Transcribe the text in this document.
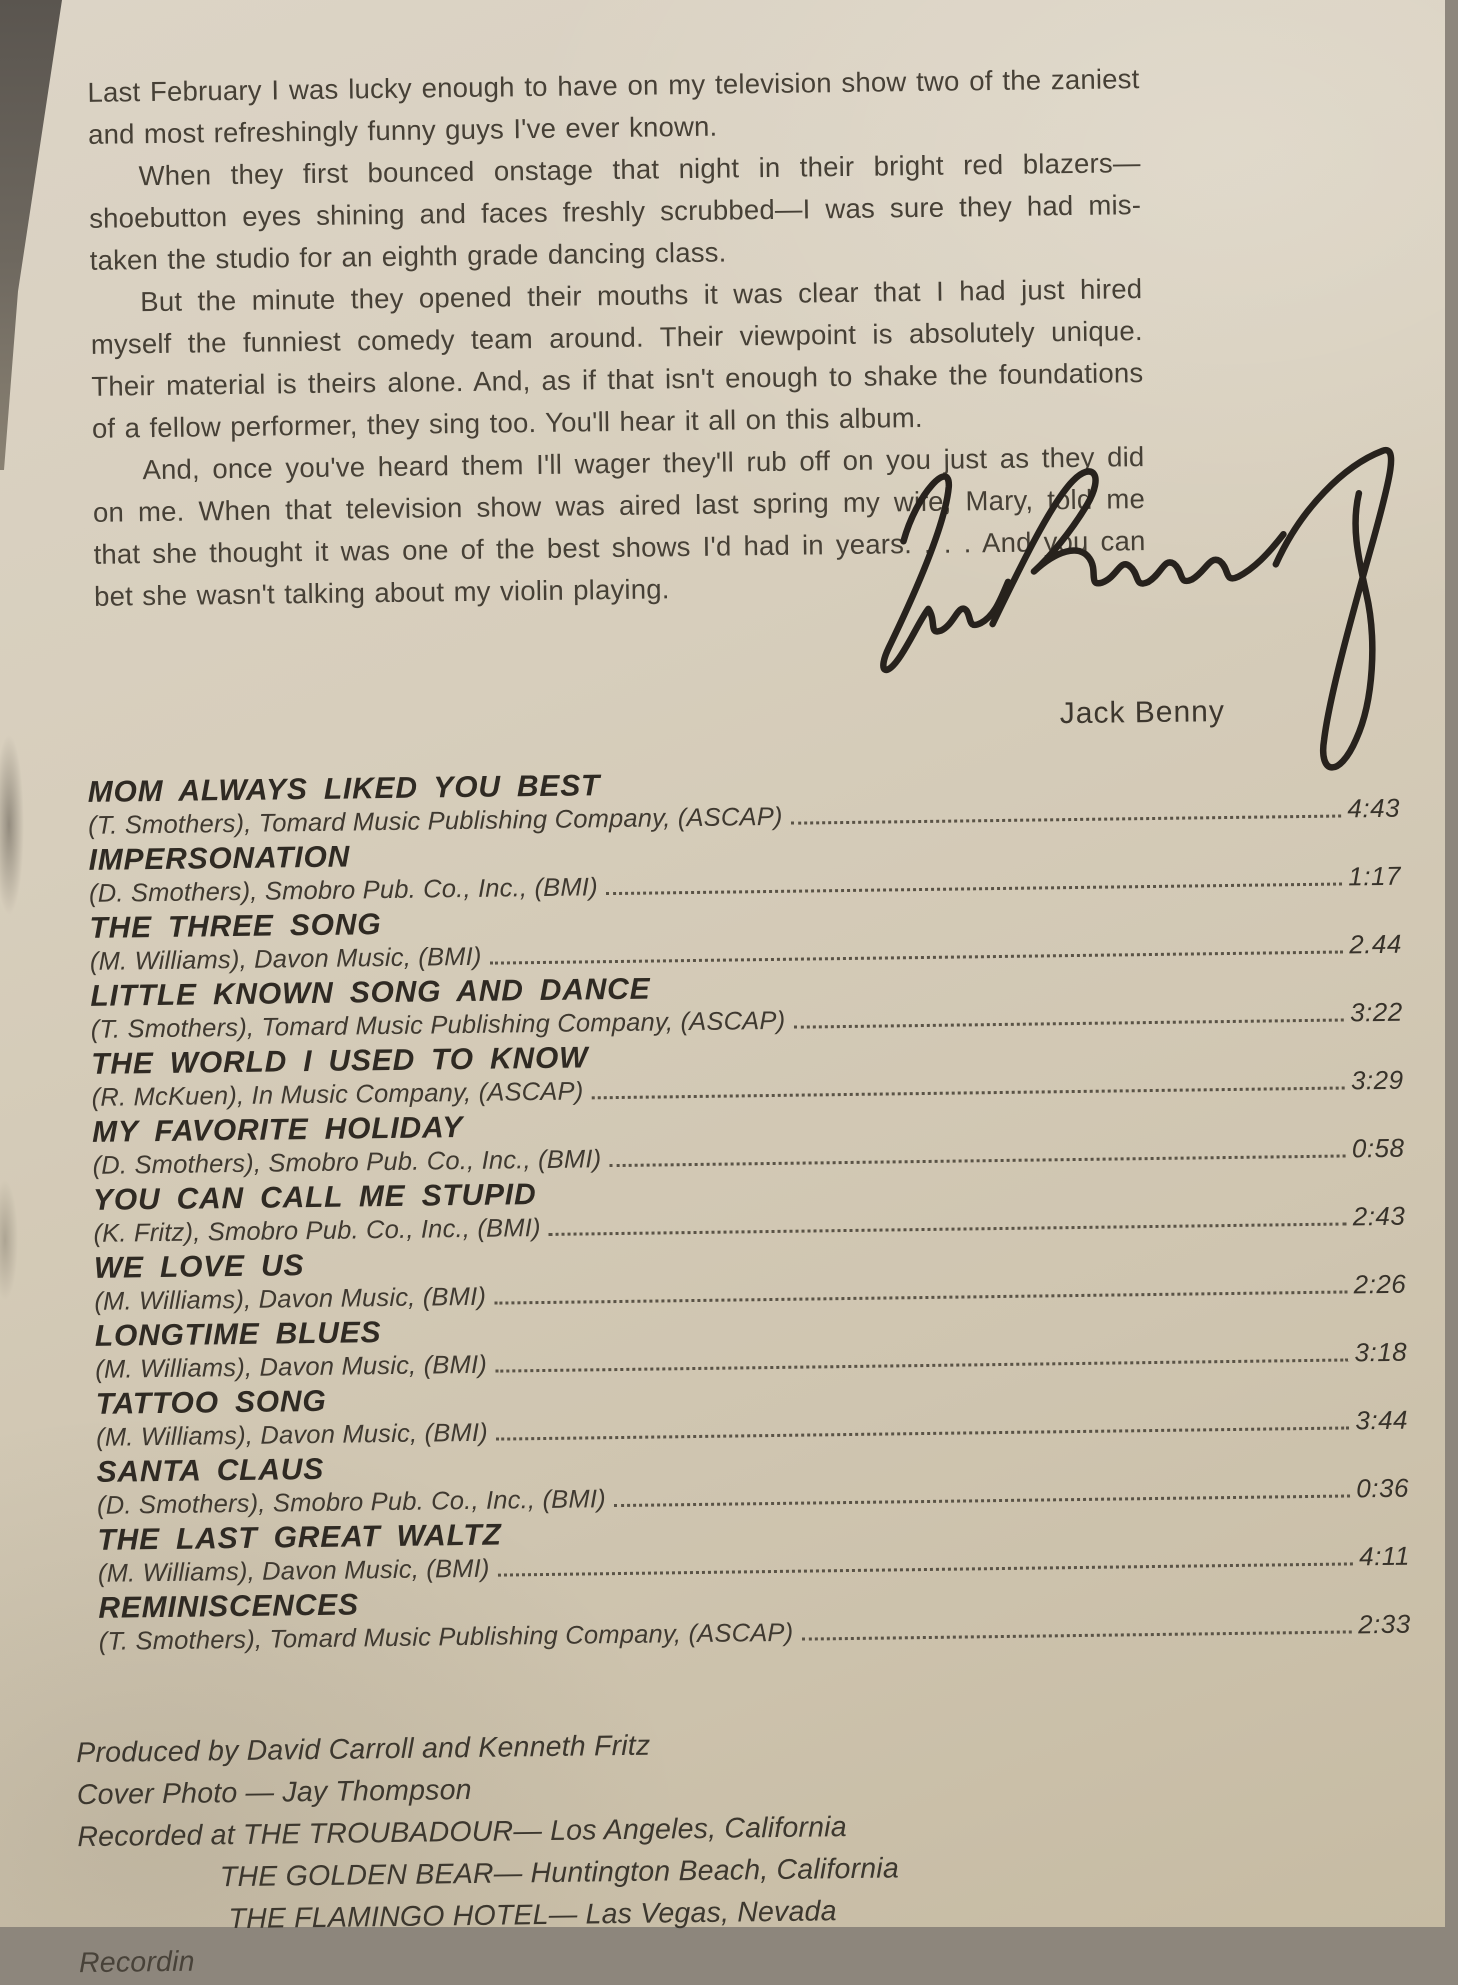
Last February I was lucky enough to have on my television show two of the zaniest
and most refreshingly funny guys I've ever known.
When they first bounced onstage that night in their bright red blazers—
shoebutton eyes shining and faces freshly scrubbed—I was sure they had mis-
taken the studio for an eighth grade dancing class.
But the minute they opened their mouths it was clear that I had just hired
myself the funniest comedy team around. Their viewpoint is absolutely unique.
Their material is theirs alone. And, as if that isn't enough to shake the foundations
of a fellow performer, they sing too. You'll hear it all on this album.
And, once you've heard them I'll wager they'll rub off on you just as they did
on me. When that television show was aired last spring my wife, Mary, told me
that she thought it was one of the best shows I'd had in years. . . . And you can
bet she wasn't talking about my violin playing.
Jack Benny
MOM ALWAYS LIKED YOU BEST
(T. Smothers), Tomard Music Publishing Company, (ASCAP)	4:43
IMPERSONATION
(D. Smothers), Smobro Pub. Co., Inc., (BMI)	1:17
THE THREE SONG
(M. Williams), Davon Music, (BMI)	2.44
LITTLE KNOWN SONG AND DANCE
(T. Smothers), Tomard Music Publishing Company, (ASCAP)	3:22
THE WORLD I USED TO KNOW
(R. McKuen), In Music Company, (ASCAP)	3:29
MY FAVORITE HOLIDAY
(D. Smothers), Smobro Pub. Co., Inc., (BMI)	0:58
YOU CAN CALL ME STUPID
(K. Fritz), Smobro Pub. Co., Inc., (BMI)	2:43
WE LOVE US
(M. Williams), Davon Music, (BMI)	2:26
LONGTIME BLUES
(M. Williams), Davon Music, (BMI)	3:18
TATTOO SONG
(M. Williams), Davon Music, (BMI)	3:44
SANTA CLAUS
(D. Smothers), Smobro Pub. Co., Inc., (BMI)	0:36
THE LAST GREAT WALTZ
(M. Williams), Davon Music, (BMI)	4:11
REMINISCENCES
(T. Smothers), Tomard Music Publishing Company, (ASCAP)	2:33
Produced by David Carroll and Kenneth Fritz
Cover Photo — Jay Thompson
Recorded at THE TROUBADOUR— Los Angeles, California
THE GOLDEN BEAR— Huntington Beach, California
THE FLAMINGO HOTEL— Las Vegas, Nevada
Recordin
